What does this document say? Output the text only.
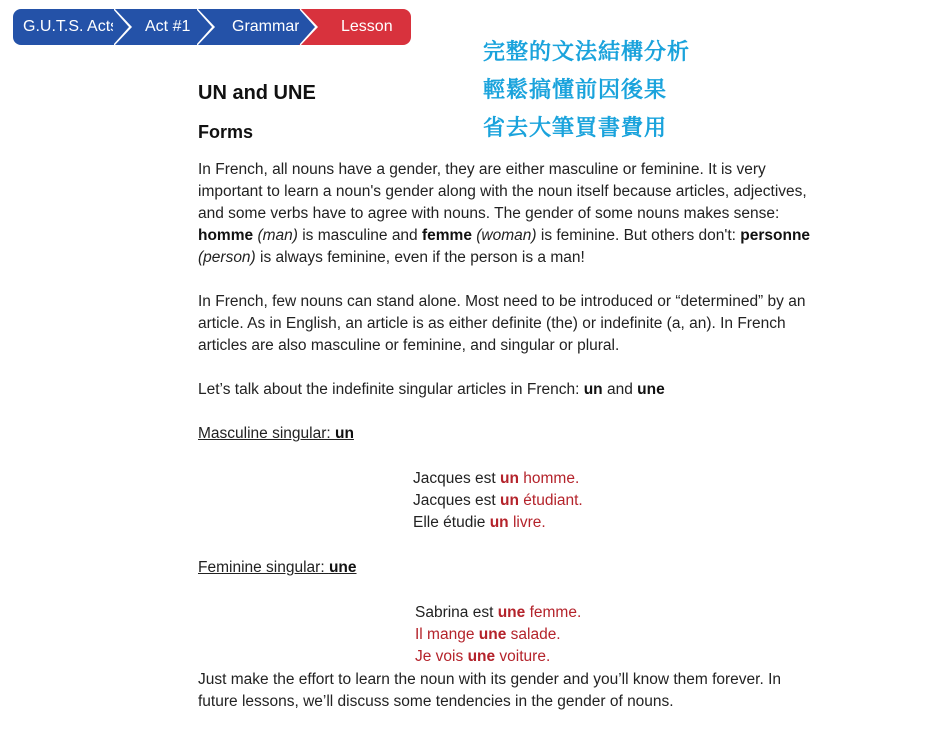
G.U.T.S. Acts	Act #1	Grammar	Lesson
完整的文法結構分析
輕鬆搞懂前因後果
省去大筆買書費用
UN and UNE
Forms

In French, all nouns have a gender, they are either masculine or feminine. It is very important to learn a noun's gender along with the noun itself because articles, adjectives, and some verbs have to agree with nouns. The gender of some nouns makes sense: homme (man) is masculine and femme (woman) is feminine. But others don't: personne (person) is always feminine, even if the person is a man!

In French, few nouns can stand alone. Most need to be introduced or “determined” by an article. As in English, an article is as either definite (the) or indefinite (a, an). In French articles are also masculine or feminine, and singular or plural.

Let’s talk about the indefinite singular articles in French: un and une

Masculine singular: un

Jacques est un homme.
Jacques est un étudiant.
Elle étudie un livre.

Feminine singular: une

Sabrina est une femme.
Il mange une salade.
Je vois une voiture.

Just make the effort to learn the noun with its gender and you’ll know them forever. In future lessons, we’ll discuss some tendencies in the gender of nouns.
